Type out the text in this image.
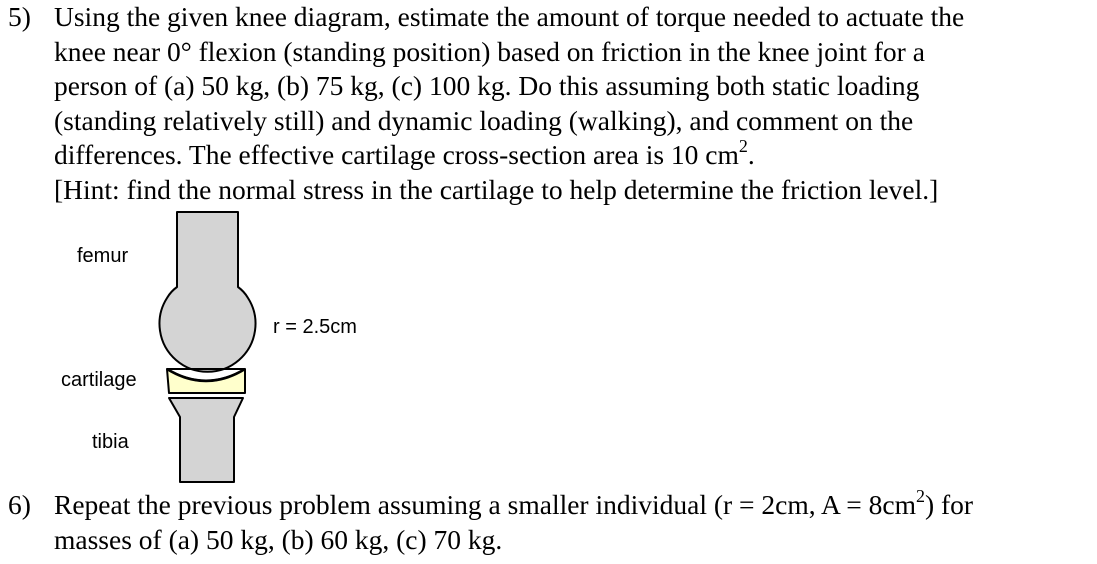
5) Using the given knee diagram, estimate the amount of torque needed to actuate the
knee near 0° flexion (standing position) based on friction in the knee joint for a
person of (a) 50 kg, (b) 75 kg, (c) 100 kg. Do this assuming both static loading
(standing relatively still) and dynamic loading (walking), and comment on the
differences. The effective cartilage cross-section area is 10 $cm^2$.
[Hint: find the normal stress in the cartilage to help determine the friction level.]
femur
r = 2.5cm
cartilage
tibia
6) Repeat the previous problem assuming a smaller individual (r = 2cm, $A = 8cm^2$) for
masses of (a) 50 kg, (b) 60 kg, (c) 70 kg.
